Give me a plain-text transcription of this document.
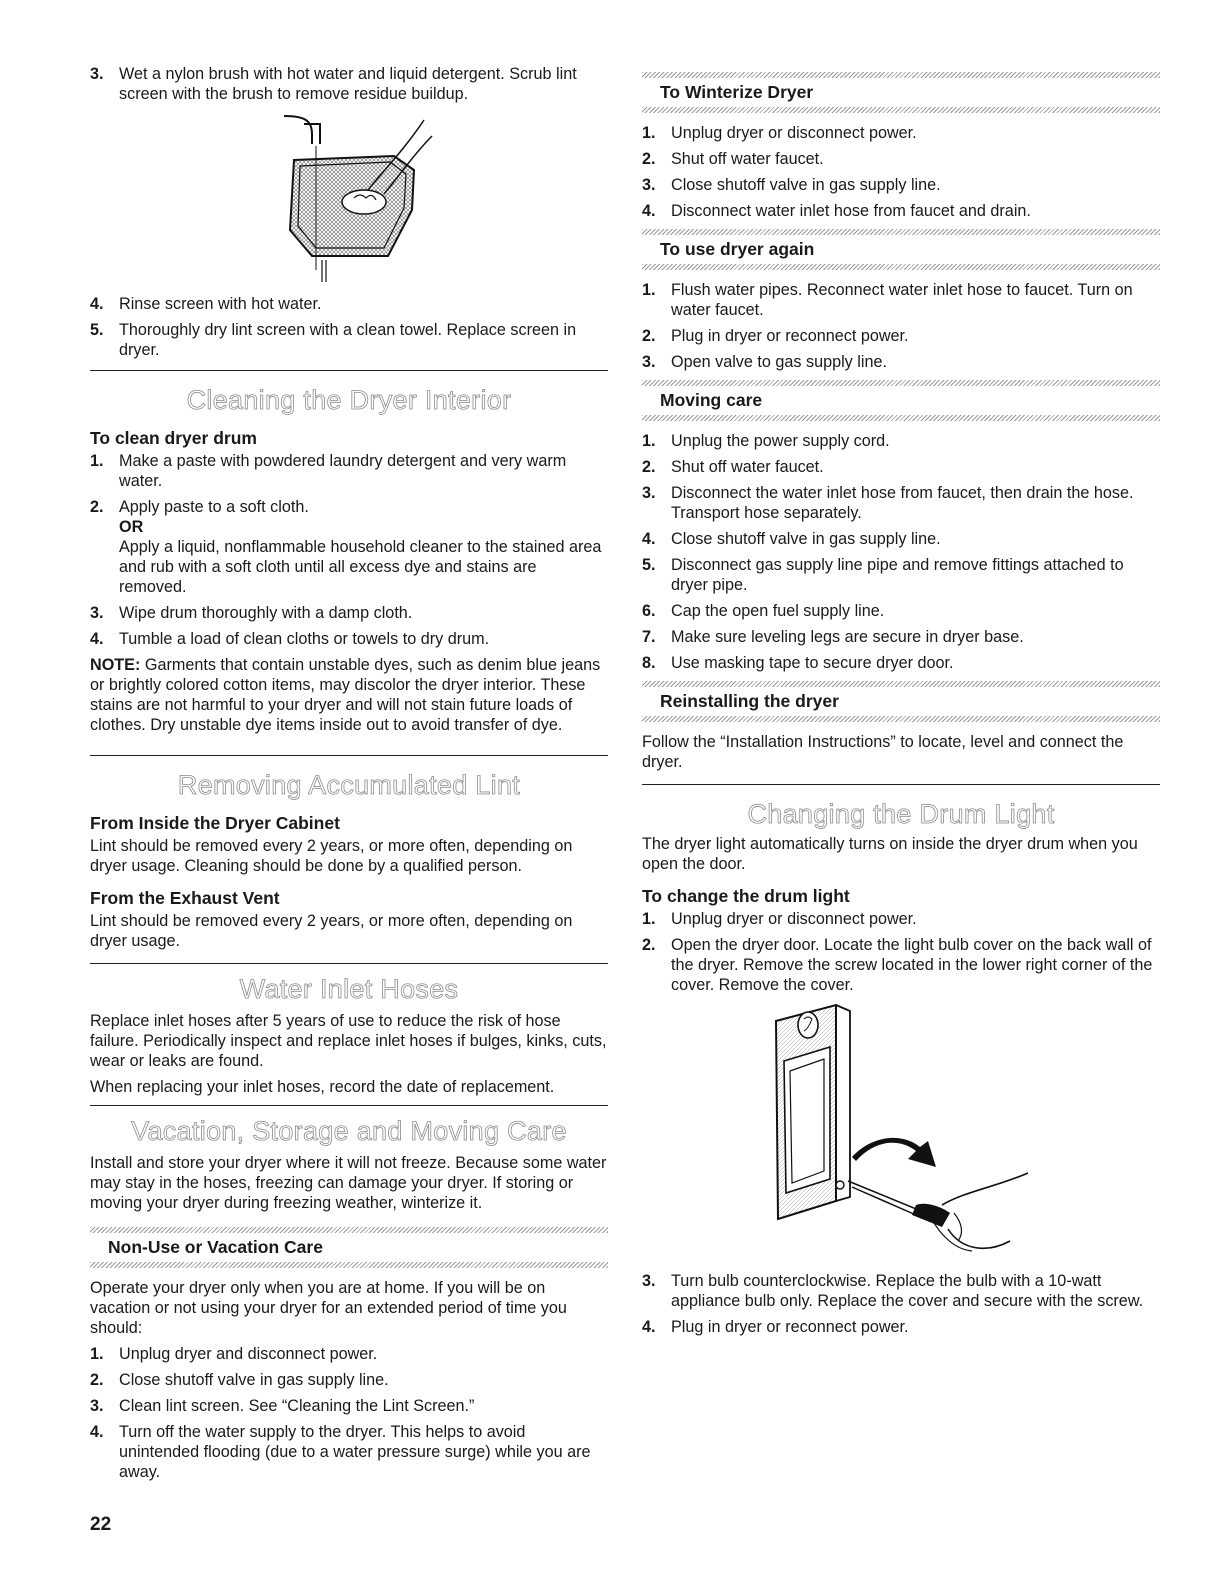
3. Wet a nylon brush with hot water and liquid detergent. Scrub lint screen with the brush to remove residue buildup.
4. Rinse screen with hot water.
5. Thoroughly dry lint screen with a clean towel. Replace screen in dryer.
Cleaning the Dryer Interior
To clean dryer drum
1. Make a paste with powdered laundry detergent and very warm water.
2. Apply paste to a soft cloth.
OR
Apply a liquid, nonflammable household cleaner to the stained area and rub with a soft cloth until all excess dye and stains are removed.
3. Wipe drum thoroughly with a damp cloth.
4. Tumble a load of clean cloths or towels to dry drum.

NOTE: Garments that contain unstable dyes, such as denim blue jeans or brightly colored cotton items, may discolor the dryer interior. These stains are not harmful to your dryer and will not stain future loads of clothes. Dry unstable dye items inside out to avoid transfer of dye.

Removing Accumulated Lint
From Inside the Dryer Cabinet

Lint should be removed every 2 years, or more often, depending on dryer usage. Cleaning should be done by a qualified person.

From the Exhaust Vent

Lint should be removed every 2 years, or more often, depending on dryer usage.

Water Inlet Hoses

Replace inlet hoses after 5 years of use to reduce the risk of hose failure. Periodically inspect and replace inlet hoses if bulges, kinks, cuts, wear or leaks are found.

When replacing your inlet hoses, record the date of replacement.

Vacation, Storage and Moving Care

Install and store your dryer where it will not freeze. Because some water may stay in the hoses, freezing can damage your dryer. If storing or moving your dryer during freezing weather, winterize it.

Non-Use or Vacation Care

Operate your dryer only when you are at home. If you will be on vacation or not using your dryer for an extended period of time you should:

1. Unplug dryer and disconnect power.
2. Close shutoff valve in gas supply line.
3. Clean lint screen. See “Cleaning the Lint Screen.”
4. Turn off the water supply to the dryer. This helps to avoid unintended flooding (due to a water pressure surge) while you are away.
To Winterize Dryer
1. Unplug dryer or disconnect power.
2. Shut off water faucet.
3. Close shutoff valve in gas supply line.
4. Disconnect water inlet hose from faucet and drain.
To use dryer again
1. Flush water pipes. Reconnect water inlet hose to faucet. Turn on water faucet.
2. Plug in dryer or reconnect power.
3. Open valve to gas supply line.
Moving care
1. Unplug the power supply cord.
2. Shut off water faucet.
3. Disconnect the water inlet hose from faucet, then drain the hose. Transport hose separately.
4. Close shutoff valve in gas supply line.
5. Disconnect gas supply line pipe and remove fittings attached to dryer pipe.
6. Cap the open fuel supply line.
7. Make sure leveling legs are secure in dryer base.
8. Use masking tape to secure dryer door.
Reinstalling the dryer

Follow the “Installation Instructions” to locate, level and connect the dryer.

Changing the Drum Light

The dryer light automatically turns on inside the dryer drum when you open the door.

To change the drum light
1. Unplug dryer or disconnect power.
2. Open the dryer door. Locate the light bulb cover on the back wall of the dryer. Remove the screw located in the lower right corner of the cover. Remove the cover.
3. Turn bulb counterclockwise. Replace the bulb with a 10-watt appliance bulb only. Replace the cover and secure with the screw.
4. Plug in dryer or reconnect power.
22
